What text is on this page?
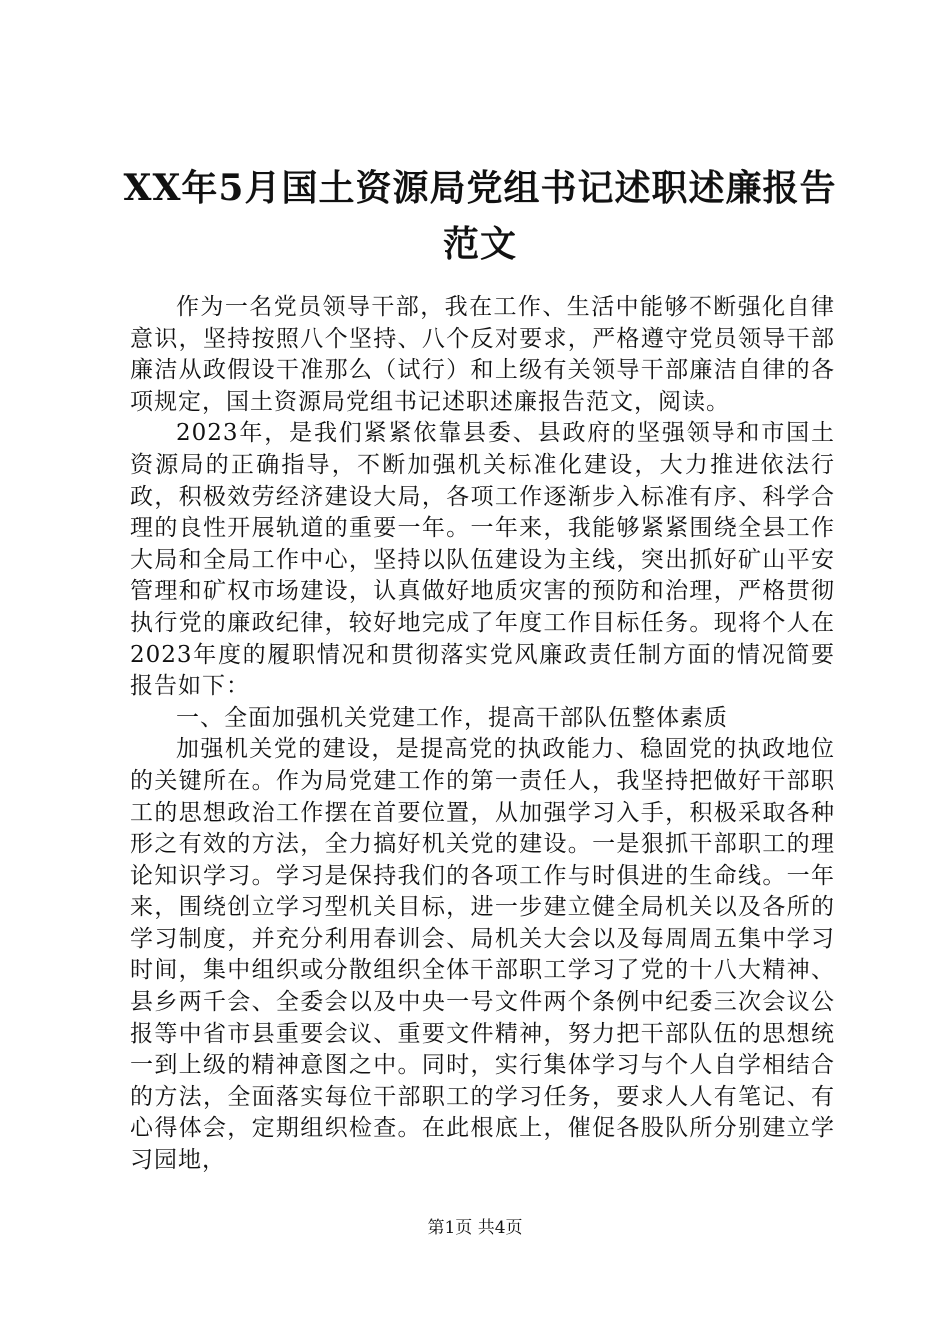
XX年5月国土资源局党组书记述职述廉报告范文

作为一名党员领导干部，我在工作、生活中能够不断强化自律意识，坚持按照八个坚持、八个反对要求，严格遵守党员领导干部廉洁从政假设干准那么（试行）和上级有关领导干部廉洁自律的各项规定，国土资源局党组书记述职述廉报告范文，阅读。

2023年，是我们紧紧依靠县委、县政府的坚强领导和市国土资源局的正确指导，不断加强机关标准化建设，大力推进依法行政，积极效劳经济建设大局，各项工作逐渐步入标准有序、科学合理的良性开展轨道的重要一年。一年来，我能够紧紧围绕全县工作大局和全局工作中心，坚持以队伍建设为主线，突出抓好矿山平安管理和矿权市场建设，认真做好地质灾害的预防和治理，严格贯彻执行党的廉政纪律，较好地完成了年度工作目标任务。现将个人在2023年度的履职情况和贯彻落实党风廉政责任制方面的情况简要报告如下：

一、全面加强机关党建工作，提高干部队伍整体素质

加强机关党的建设，是提高党的执政能力、稳固党的执政地位的关键所在。作为局党建工作的第一责任人，我坚持把做好干部职工的思想政治工作摆在首要位置，从加强学习入手，积极采取各种形之有效的方法，全力搞好机关党的建设。一是狠抓干部职工的理论知识学习。学习是保持我们的各项工作与时俱进的生命线。一年来，围绕创立学习型机关目标，进一步建立健全局机关以及各所的学习制度，并充分利用春训会、局机关大会以及每周周五集中学习时间，集中组织或分散组织全体干部职工学习了党的十八大精神、县乡两千会、全委会以及中央一号文件两个条例中纪委三次会议公报等中省市县重要会议、重要文件精神，努力把干部队伍的思想统一到上级的精神意图之中。同时，实行集体学习与个人自学相结合的方法，全面落实每位干部职工的学习任务，要求人人有笔记、有心得体会，定期组织检查。在此根底上，催促各股队所分别建立学习园地，

第1页 共4页
